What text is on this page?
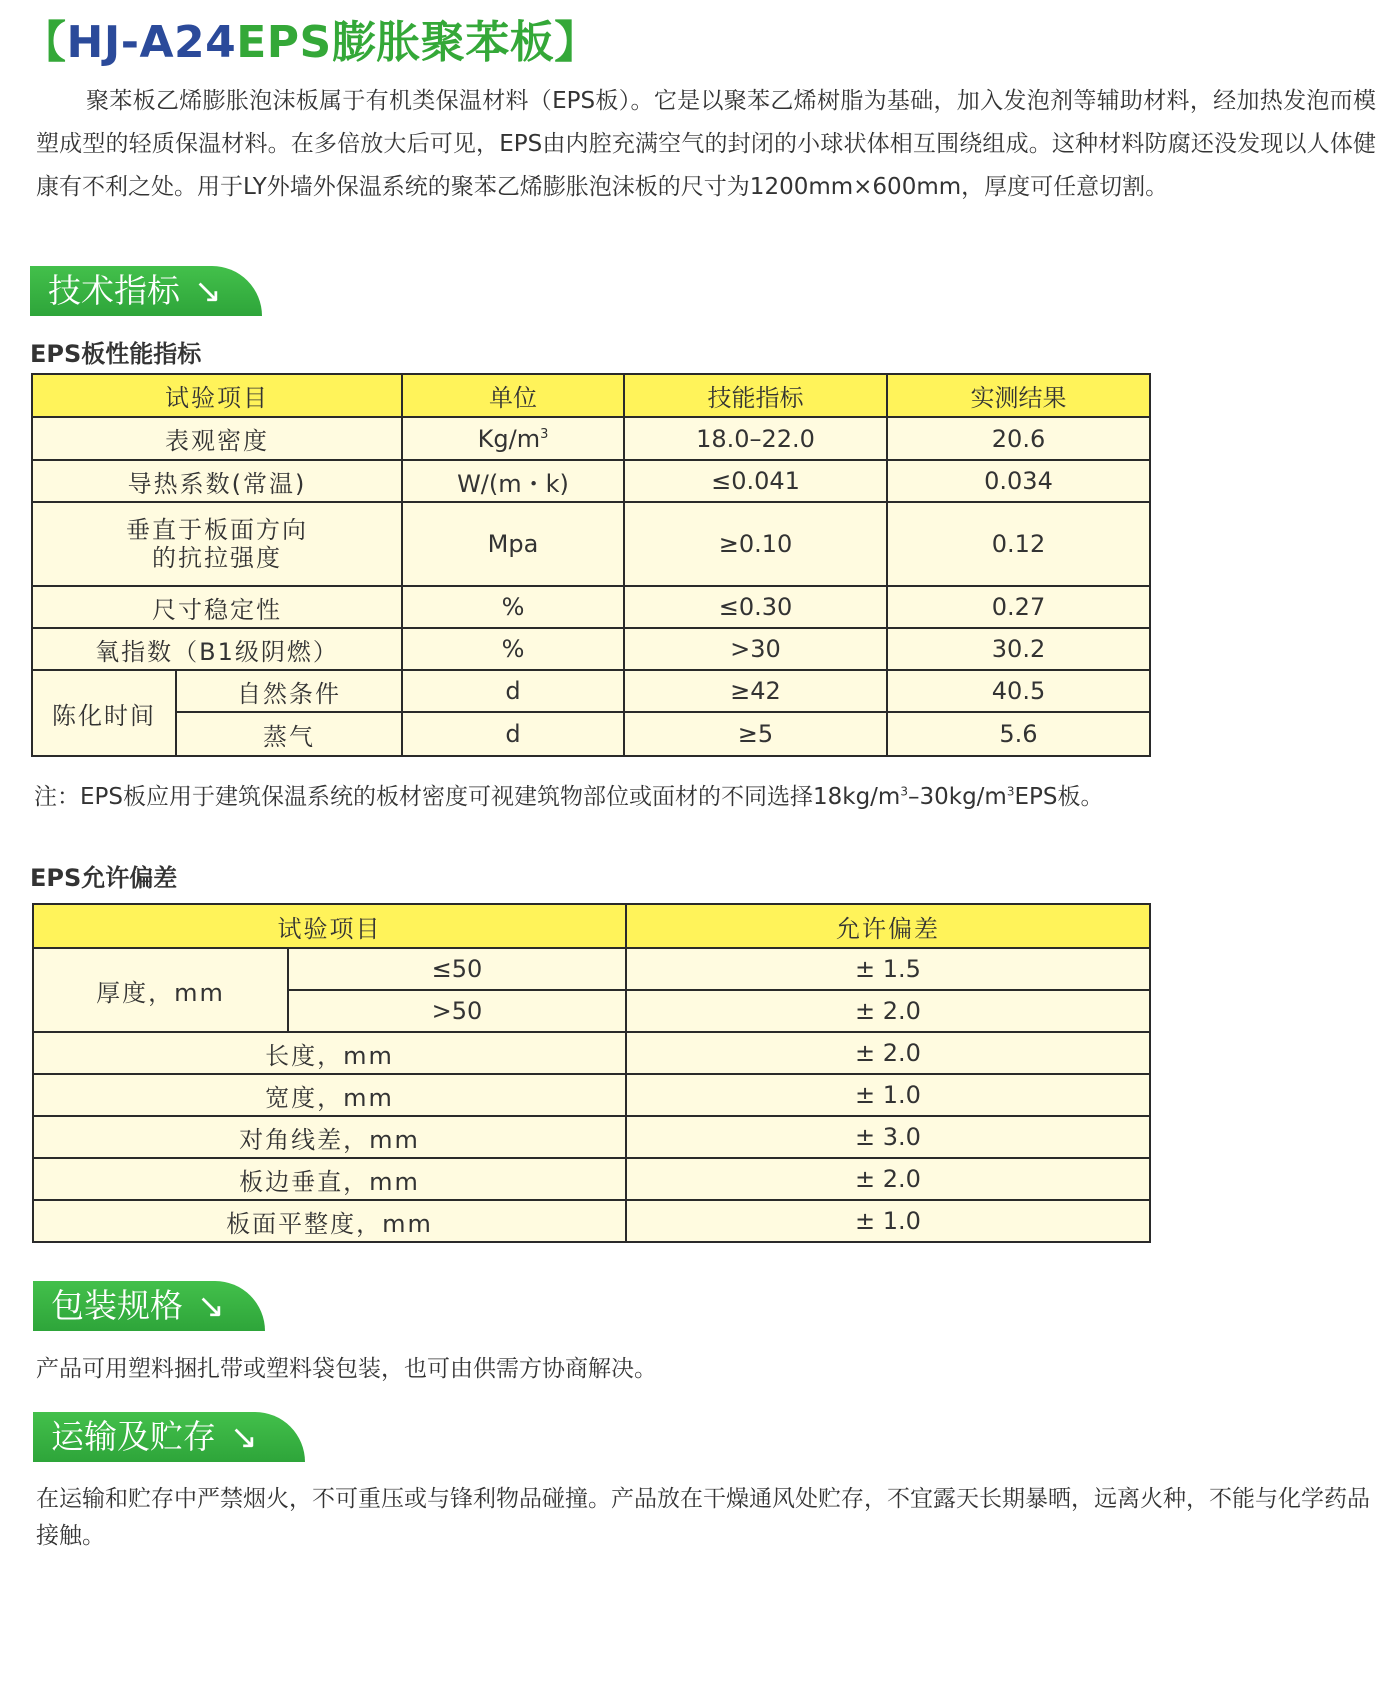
【HJ-A24EPS膨胀聚苯板】

聚苯板乙烯膨胀泡沫板属于有机类保温材料（EPS板）。它是以聚苯乙烯树脂为基础，加入发泡剂等辅助材料，经加热发泡而模塑成型的轻质保温材料。在多倍放大后可见，EPS由内腔充满空气的封闭的小球状体相互围绕组成。这种材料防腐还没发现以人体健康有不利之处。用于LY外墙外保温系统的聚苯乙烯膨胀泡沫板的尺寸为1200mm×600mm，厚度可任意切割。

技术指标 ↘
EPS板性能指标
试验项目		单位	技能指标	实测结果
表观密度		$Kg/m^3$	18.0–22.0	20.6
导热系数(常温)		W/(m・k)	≤0.041	0.034
垂直于板面方向
的抗拉强度		Mpa	≥0.10	0.12
尺寸稳定性		%	≤0.30	0.27
氧指数（B1级阴燃）		%	>30	30.2
陈化时间	自然条件	d	≥42	40.5
	蒸气	d	≥5	5.6
注：EPS板应用于建筑保温系统的板材密度可视建筑物部位或面材的不同选择$18kg/m^3-30kg/m^3EPS$板。
EPS允许偏差
试验项目		允许偏差
厚度，mm	≤50	± 1.5
	>50	± 2.0
长度，mm		± 2.0
宽度，mm		± 1.0
对角线差，mm		± 3.0
板边垂直，mm		± 2.0
板面平整度，mm		± 1.0
包装规格 ↘
产品可用塑料捆扎带或塑料袋包装，也可由供需方协商解决。
运输及贮存 ↘
在运输和贮存中严禁烟火，不可重压或与锋利物品碰撞。产品放在干燥通风处贮存，不宜露天长期暴晒，远离火种，不能与化学药品接触。
